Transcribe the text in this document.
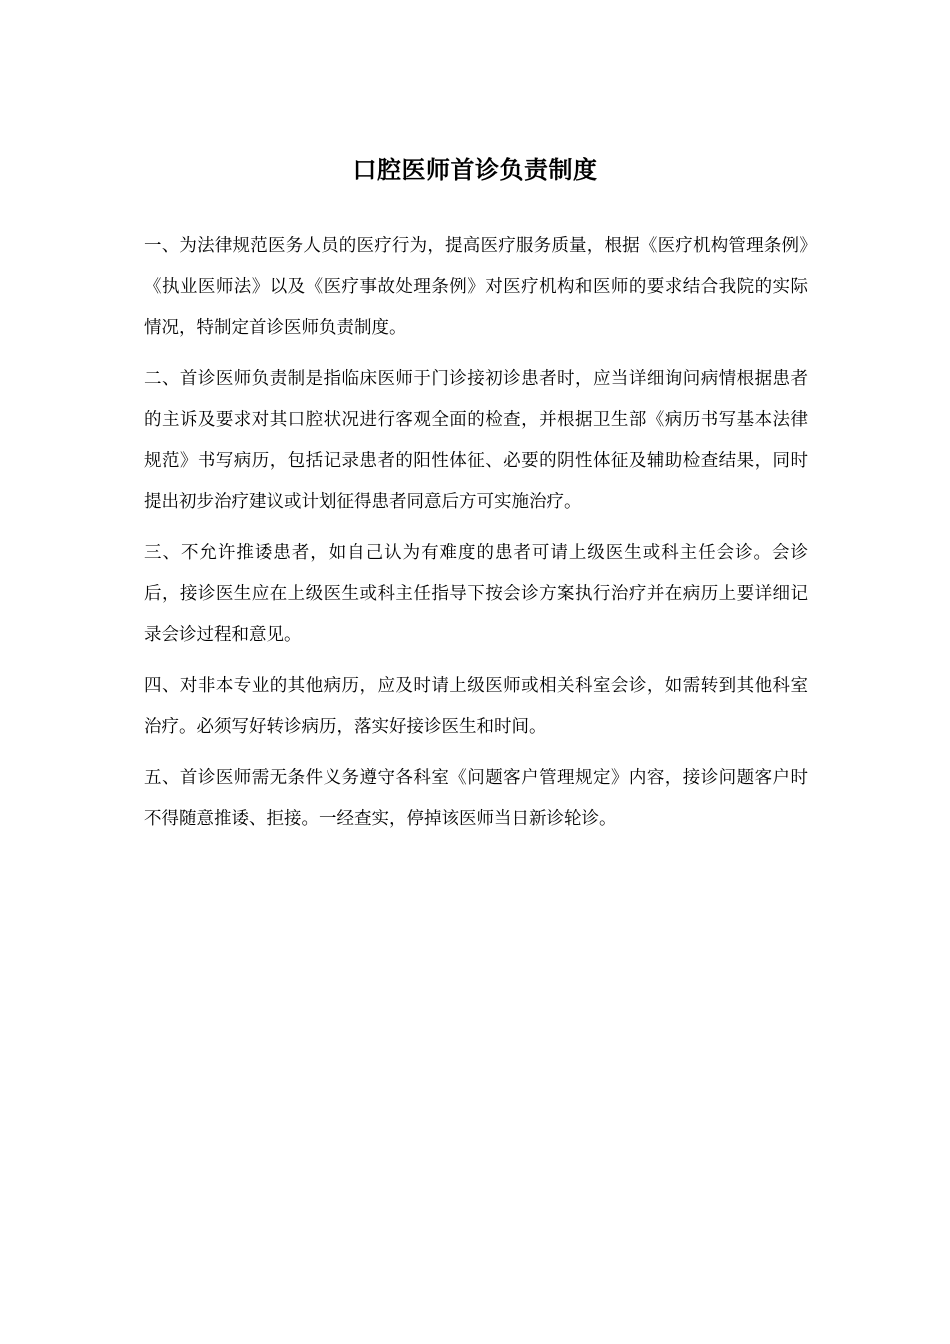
口腔医师首诊负责制度

一、为法律规范医务人员的医疗行为，提高医疗服务质量，根据《医疗机构管理条例》《执业医师法》以及《医疗事故处理条例》对医疗机构和医师的要求结合我院的实际情况，特制定首诊医师负责制度。

二、首诊医师负责制是指临床医师于门诊接初诊患者时，应当详细询问病情根据患者的主诉及要求对其口腔状况进行客观全面的检查，并根据卫生部《病历书写基本法律规范》书写病历，包括记录患者的阳性体征、必要的阴性体征及辅助检查结果，同时提出初步治疗建议或计划征得患者同意后方可实施治疗。

三、不允许推诿患者，如自己认为有难度的患者可请上级医生或科主任会诊。会诊后，接诊医生应在上级医生或科主任指导下按会诊方案执行治疗并在病历上要详细记录会诊过程和意见。

四、对非本专业的其他病历，应及时请上级医师或相关科室会诊，如需转到其他科室治疗。必须写好转诊病历，落实好接诊医生和时间。

五、首诊医师需无条件义务遵守各科室《问题客户管理规定》内容，接诊问题客户时不得随意推诿、拒接。一经查实，停掉该医师当日新诊轮诊。
